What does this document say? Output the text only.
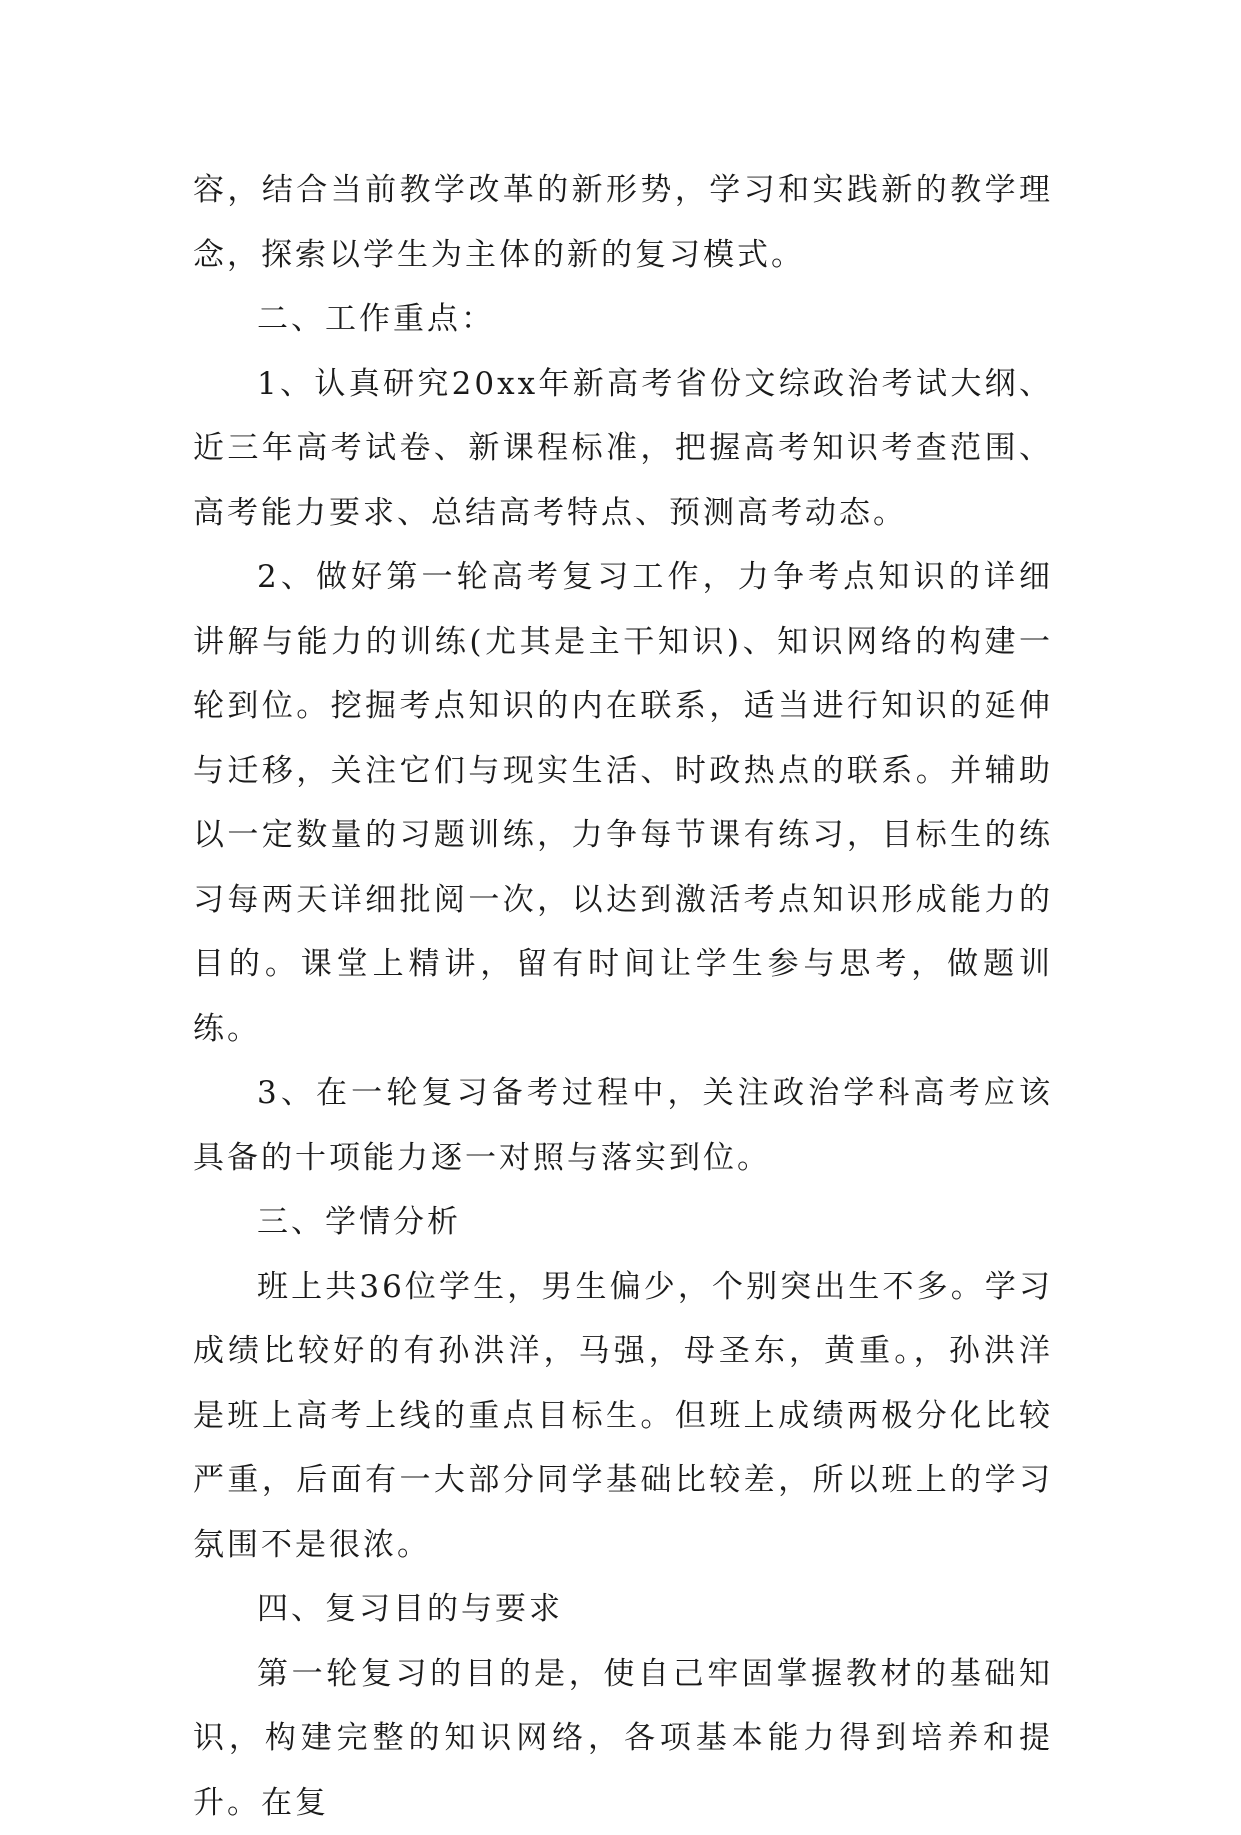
容，结合当前教学改革的新形势，学习和实践新的教学理念，探索以学生为主体的新的复习模式。

二、工作重点：

1、认真研究20xx年新高考省份文综政治考试大纲、近三年高考试卷、新课程标准，把握高考知识考查范围、高考能力要求、总结高考特点、预测高考动态。

2、做好第一轮高考复习工作，力争考点知识的详细讲解与能力的训练(尤其是主干知识)、知识网络的构建一轮到位。挖掘考点知识的内在联系，适当进行知识的延伸与迁移，关注它们与现实生活、时政热点的联系。并辅助以一定数量的习题训练，力争每节课有练习，目标生的练习每两天详细批阅一次，以达到激活考点知识形成能力的目的。课堂上精讲，留有时间让学生参与思考，做题训练。

3、在一轮复习备考过程中，关注政治学科高考应该具备的十项能力逐一对照与落实到位。

三、学情分析

班上共36位学生，男生偏少，个别突出生不多。学习成绩比较好的有孙洪洋，马强，母圣东，黄重。，孙洪洋是班上高考上线的重点目标生。但班上成绩两极分化比较严重，后面有一大部分同学基础比较差，所以班上的学习氛围不是很浓。

四、复习目的与要求

第一轮复习的目的是，使自己牢固掌握教材的基础知识，构建完整的知识网络，各项基本能力得到培养和提升。在复
